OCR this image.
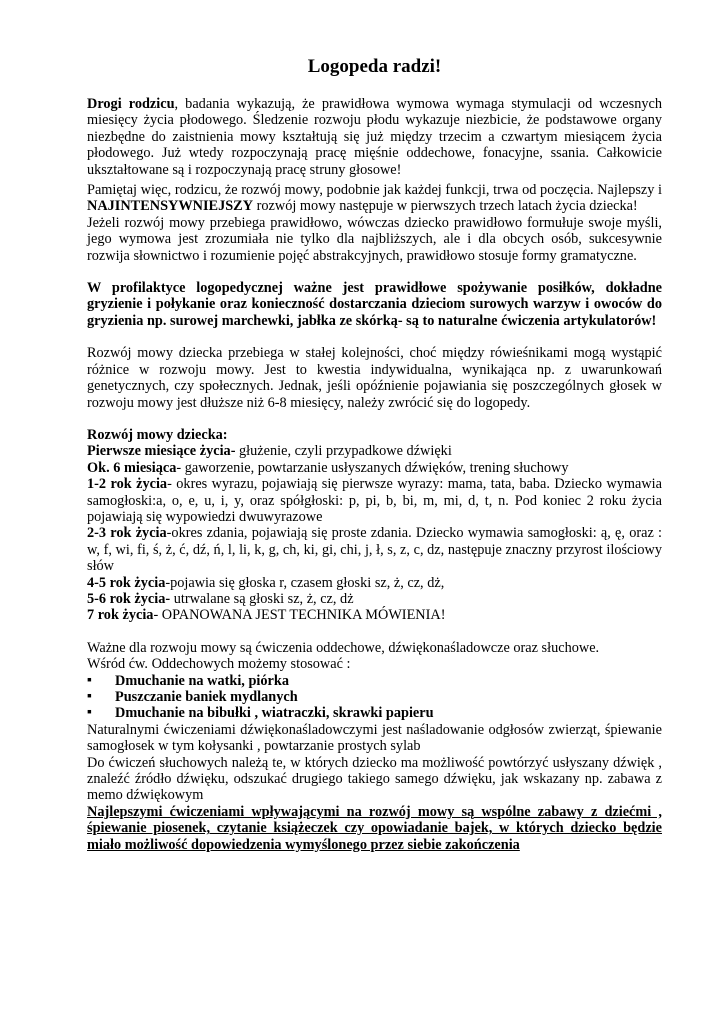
Logopeda radzi!

Drogi rodzicu, badania wykazują, że prawidłowa wymowa wymaga stymulacji od wczesnych miesięcy życia płodowego. Śledzenie rozwoju płodu wykazuje niezbicie, że podstawowe organy niezbędne do zaistnienia mowy kształtują się już między trzecim a czwartym miesiącem życia płodowego. Już wtedy rozpoczynają pracę mięśnie oddechowe, fonacyjne, ssania. Całkowicie ukształtowane są i rozpoczynają pracę struny głosowe!

Pamiętaj więc, rodzicu, że rozwój mowy, podobnie jak każdej funkcji, trwa od poczęcia. Najlepszy i NAJINTENSYWNIEJSZY rozwój mowy następuje w pierwszych trzech latach życia dziecka!

Jeżeli rozwój mowy przebiega prawidłowo, wówczas dziecko prawidłowo formułuje swoje myśli, jego wymowa jest zrozumiała nie tylko dla najbliższych, ale i dla obcych osób, sukcesywnie rozwija słownictwo i rozumienie pojęć abstrakcyjnych, prawidłowo stosuje formy gramatyczne.

W profilaktyce logopedycznej ważne jest prawidłowe spożywanie posiłków, dokładne gryzienie i połykanie oraz konieczność dostarczania dzieciom surowych warzyw i owoców do gryzienia np. surowej marchewki, jabłka ze skórką- są to naturalne ćwiczenia artykulatorów!

Rozwój mowy dziecka przebiega w stałej kolejności, choć między rówieśnikami mogą wystąpić różnice w rozwoju mowy. Jest to kwestia indywidualna, wynikająca np. z uwarunkowań genetycznych, czy społecznych. Jednak, jeśli opóźnienie pojawiania się poszczególnych głosek w rozwoju mowy jest dłuższe niż 6-8 miesięcy, należy zwrócić się do logopedy.

Rozwój mowy dziecka:

Pierwsze miesiące życia- głużenie, czyli przypadkowe dźwięki

Ok. 6 miesiąca- gaworzenie, powtarzanie usłyszanych dźwięków, trening słuchowy

1-2 rok życia- okres wyrazu, pojawiają się pierwsze wyrazy: mama, tata, baba. Dziecko wymawia samogłoski:a, o, e, u, i, y, oraz spółgłoski: p, pi, b, bi, m, mi, d, t, n. Pod koniec 2 roku życia pojawiają się wypowiedzi dwuwyrazowe

2-3 rok życia-okres zdania, pojawiają się proste zdania. Dziecko wymawia samogłoski: ą, ę, oraz : w, f, wi, fi, ś, ż, ć, dź, ń, l, li, k, g, ch, ki, gi, chi, j, ł, s, z, c, dz, następuje znaczny przyrost ilościowy słów

4-5 rok życia-pojawia się głoska r, czasem głoski sz, ż, cz, dż,

5-6 rok życia- utrwalane są głoski sz, ż, cz, dż

7 rok życia- OPANOWANA JEST TECHNIKA MÓWIENIA!

Ważne dla rozwoju mowy są ćwiczenia oddechowe, dźwiękonaśladowcze oraz słuchowe.

Wśród ćw. Oddechowych możemy stosować :

▪ Dmuchanie na watki, piórka
▪ Puszczanie baniek mydlanych
▪ Dmuchanie na bibułki , wiatraczki, skrawki papieru

Naturalnymi ćwiczeniami dźwiękonaśladowczymi jest naśladowanie odgłosów zwierząt, śpiewanie samogłosek w tym kołysanki , powtarzanie prostych sylab

Do ćwiczeń słuchowych należą te, w których dziecko ma możliwość powtórzyć usłyszany dźwięk , znaleźć źródło dźwięku, odszukać drugiego takiego samego dźwięku, jak wskazany np. zabawa z memo dźwiękowym

Najlepszymi ćwiczeniami wpływającymi na rozwój mowy są wspólne zabawy z dziećmi , śpiewanie piosenek, czytanie książeczek czy opowiadanie bajek, w których dziecko będzie miało możliwość dopowiedzenia wymyślonego przez siebie zakończenia
